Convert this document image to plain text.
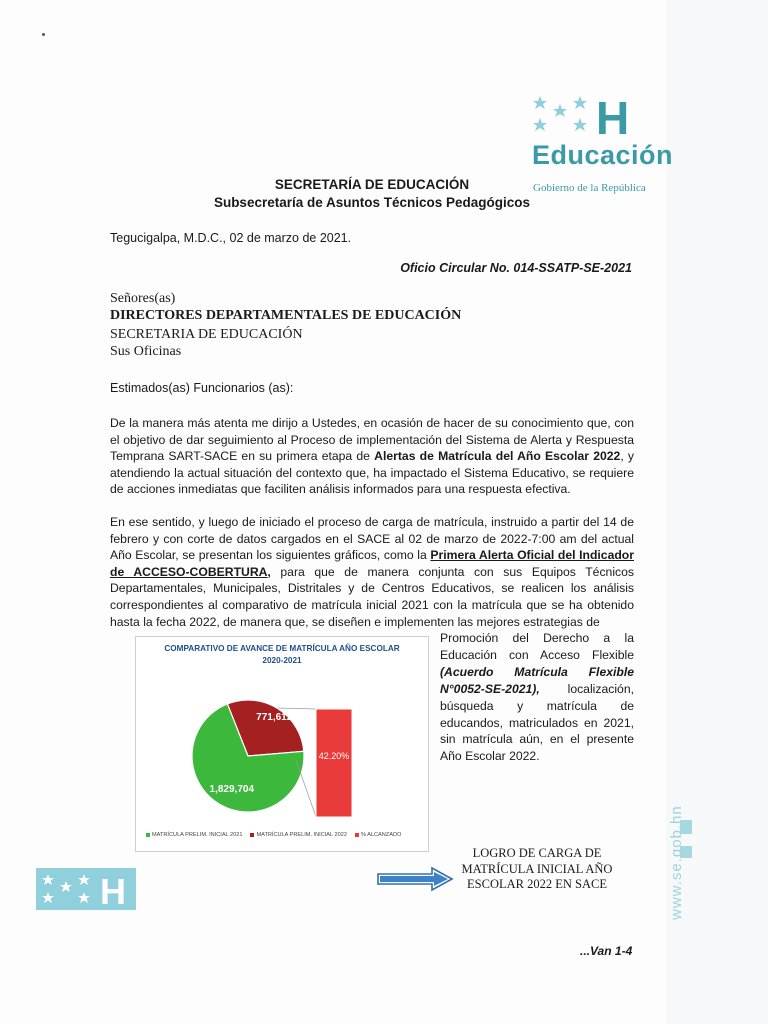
H
Educación
Gobierno de la República
SECRETARÍA DE EDUCACIÓN
Subsecretaría de Asuntos Técnicos Pedagógicos
Tegucigalpa, M.D.C., 02 de marzo de 2021.
Oficio Circular No. 014-SSATP-SE-2021
Señores(as)
DIRECTORES DEPARTAMENTALES DE EDUCACIÓN
SECRETARIA DE EDUCACIÓN
Sus Oficinas
Estimados(as) Funcionarios (as):
De la manera más atenta me dirijo a Ustedes, en ocasión de hacer de su conocimiento que, con el objetivo de dar seguimiento al Proceso de implementación del Sistema de Alerta y Respuesta Temprana SART-SACE en su primera etapa de Alertas de Matrícula del Año Escolar 2022, y atendiendo la actual situación del contexto que, ha impactado el Sistema Educativo, se requiere de acciones inmediatas que faciliten análisis informados para una respuesta efectiva.
En ese sentido, y luego de iniciado el proceso de carga de matrícula, instruido a partir del 14 de febrero y con corte de datos cargados en el SACE al 02 de marzo de 2022-7:00 am del actual Año Escolar, se presentan los siguientes gráficos, como la Primera Alerta Oficial del Indicador de ACCESO-COBERTURA, para que de manera conjunta con sus Equipos Técnicos Departamentales, Municipales, Distritales y de Centros Educativos, se realicen los análisis correspondientes al comparativo de matrícula inicial 2021 con la matrícula que se ha obtenido hasta la fecha 2022, de manera que, se diseñen e implementen las mejores estrategias de
Promoción del Derecho a la Educación con Acceso Flexible (Acuerdo Matrícula Flexible N°0052-SE-2021), localización, búsqueda y matrícula de educandos, matriculados en 2021, sin matrícula aún, en el presente Año Escolar 2022.
COMPARATIVO DE AVANCE DE MATRÍCULA AÑO ESCOLAR
2020-2021
771,612
1,829,704
42.20%
MATRÍCULA PRELIM. INICIAL 2021	MATRÍCULA PRELIM. INICIAL 2022	% ALCANZADO
LOGRO DE CARGA DE MATRÍCULA INICIAL AÑO ESCOLAR 2022 EN SACE
H
...Van 1-4
www.se.gob.hn
